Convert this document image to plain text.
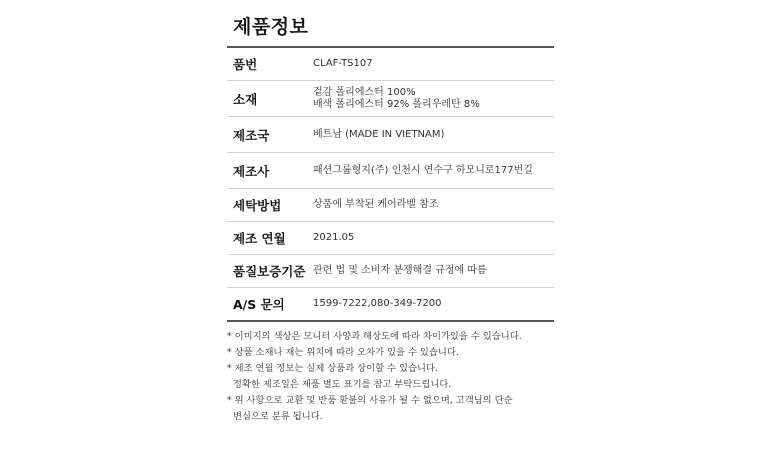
제품정보
품번	CLAF-TS107
소재	겉감 폴리에스터 100%
배색 폴리에스터 92% 폴리우레탄 8%
제조국	베트남 (MADE IN VIETNAM)
제조사	패션그룹형지(주) 인천시 연수구 하모니로177번길
세탁방법	상품에 부착된 케어라벨 참조
제조 연월	2021.05
품질보증기준 관련 법 및 소비자 분쟁해결 규정에 따름
A/S 문의	1599-7222,080-349-7200
* 이미지의 색상은 모니터 사양과 해상도에 따라 차이가있을 수 있습니다.
* 상품 소재나 재는 위치에 따라 오차가 있을 수 있습니다.
* 제조 연월 정보는 실제 상품과 상이할 수 있습니다.
정확한 제조일은 제품 별도 표기를 참고 부탁드립니다.
* 위 사항으로 교환 및 반품 환불의 사유가 될 수 없으며, 고객님의 단순
변심으로 분류 됩니다.
